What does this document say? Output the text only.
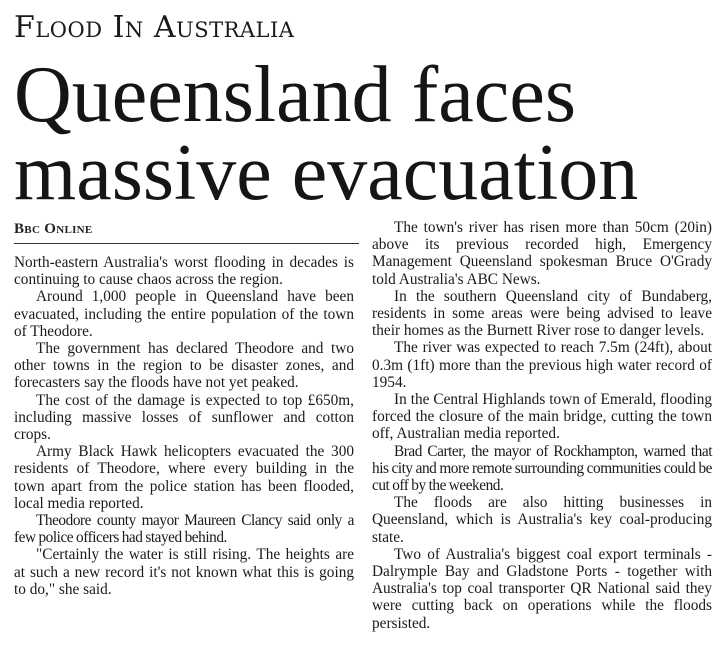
Flood In Australia
Queensland faces
massive evacuation
Bbc Online

North-eastern Australia's worst flooding in decades is continuing to cause chaos across the region.

Around 1,000 people in Queensland have been evacuated, including the entire population of the town of Theodore.

The government has declared Theodore and two other towns in the region to be disaster zones, and forecasters say the floods have not yet peaked.

The cost of the damage is expected to top £650m, including massive losses of sunflower and cotton crops.

Army Black Hawk helicopters evacuated the 300 residents of Theodore, where every building in the town apart from the police station has been flooded, local media reported.

Theodore county mayor Maureen Clancy said only a few police officers had stayed behind.

"Certainly the water is still rising. The heights are at such a new record it's not known what this is going to do," she said.

The town's river has risen more than 50cm (20in) above its previous recorded high, Emergency Management Queensland spokesman Bruce O'Grady told Australia's ABC News.

In the southern Queensland city of Bundaberg, residents in some areas were being advised to leave their homes as the Burnett River rose to danger levels.

The river was expected to reach 7.5m (24ft), about 0.3m (1ft) more than the previous high water record of 1954.

In the Central Highlands town of Emerald, flooding forced the closure of the main bridge, cutting the town off, Australian media reported.

Brad Carter, the mayor of Rockhampton, warned that his city and more remote surrounding communities could be cut off by the weekend.

The floods are also hitting businesses in Queensland, which is Australia's key coal-producing state.

Two of Australia's biggest coal export terminals - Dalrymple Bay and Gladstone Ports - together with Australia's top coal transporter QR National said they were cutting back on operations while the floods persisted.
